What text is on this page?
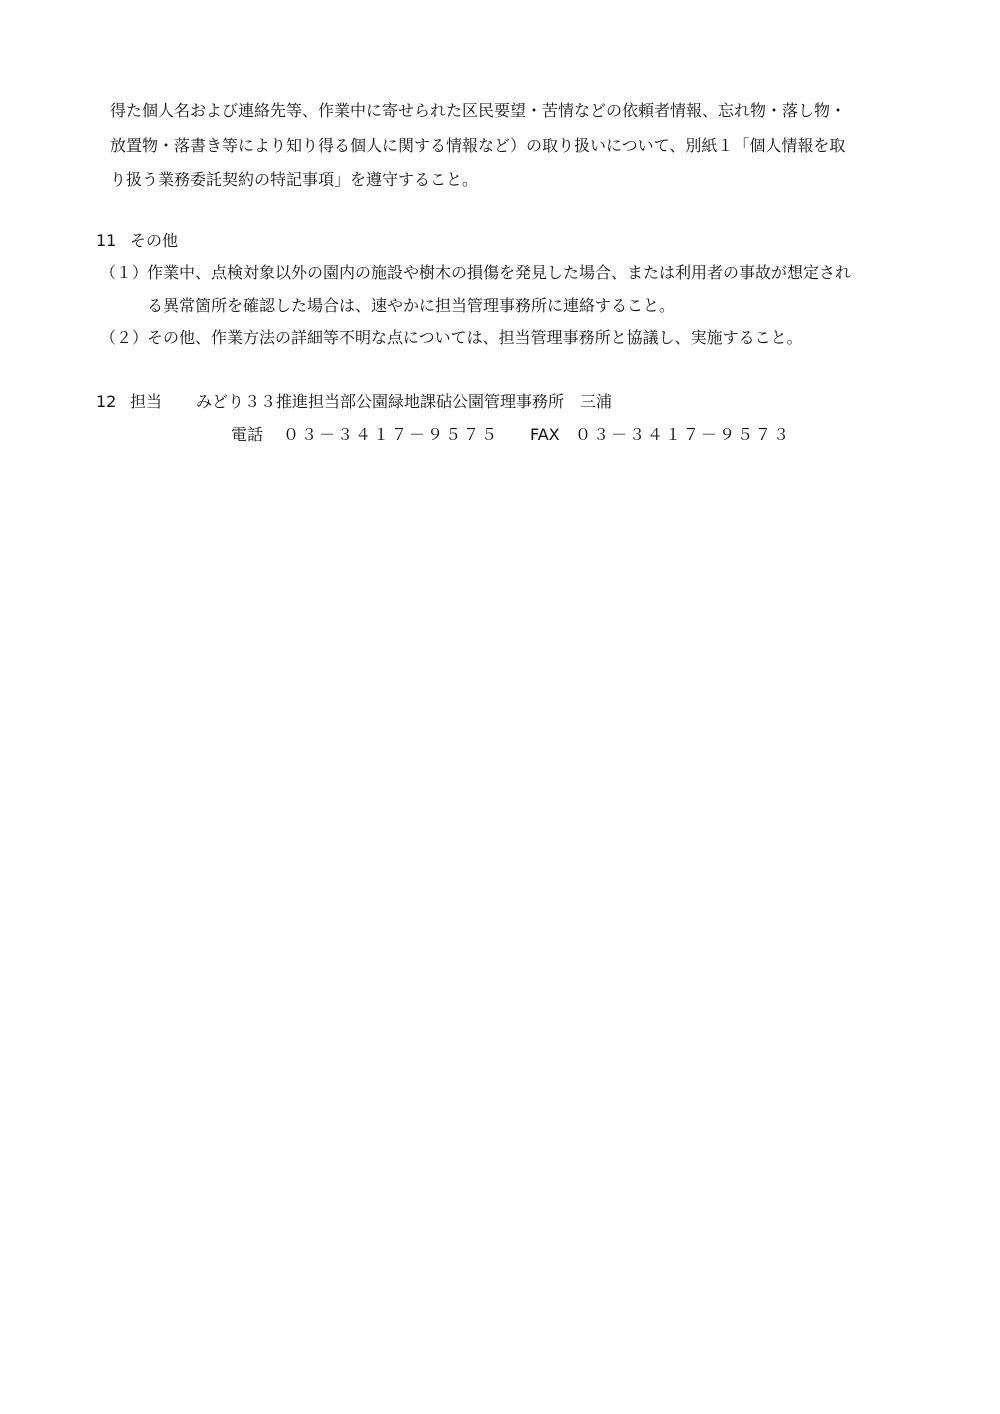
得た個人名および連絡先等、作業中に寄せられた区民要望・苦情などの依頼者情報、忘れ物・落し物・
放置物・落書き等により知り得る個人に関する情報など）の取り扱いについて、別紙１「個人情報を取
り扱う業務委託契約の特記事項」を遵守すること。
11 その他
（１）
作業中、点検対象以外の園内の施設や樹木の損傷を発見した場合、または利用者の事故が想定され
る異常箇所を確認した場合は、速やかに担当管理事務所に連絡すること。
（２）
その他、作業方法の詳細等不明な点については、担当管理事務所と協議し、実施すること。
12 担当 みどり３３推進担当部公園緑地課砧公園管理事務所　三浦
電話 ０３－３４１７－９５７５ FAX ０３－３４１７－９５７３
